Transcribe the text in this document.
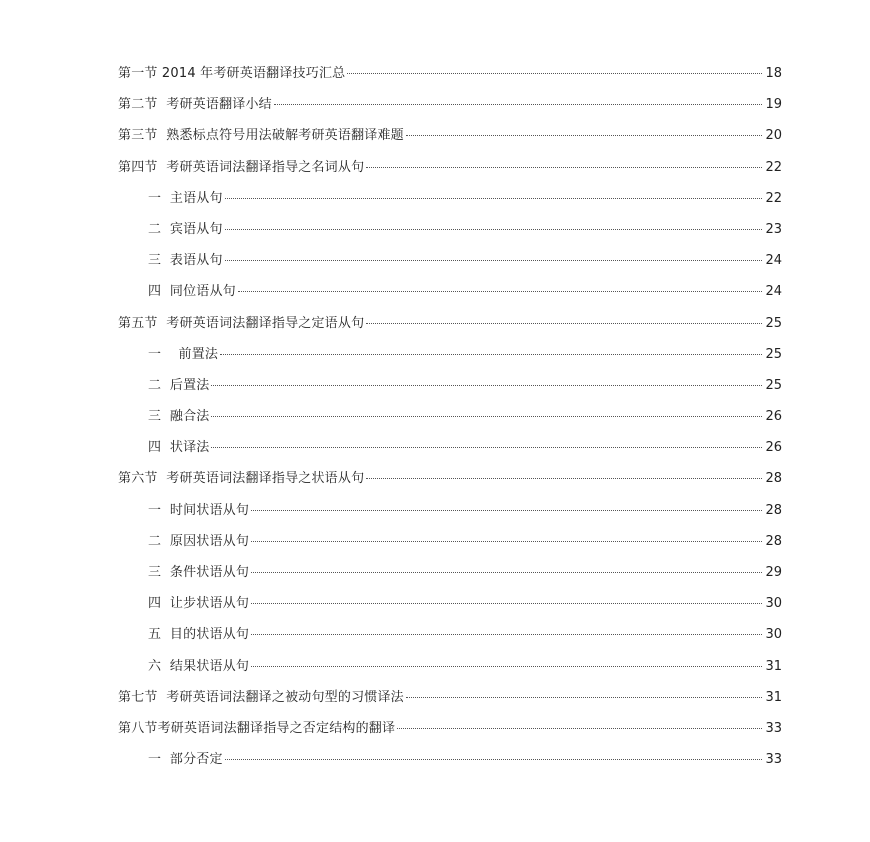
第一节 2014 年考研英语翻译技巧汇总	18
第二节  考研英语翻译小结	19
第三节  熟悉标点符号用法破解考研英语翻译难题	20
第四节  考研英语词法翻译指导之名词从句	22
一  主语从句	22
二  宾语从句	23
三  表语从句	24
四  同位语从句	24
第五节  考研英语词法翻译指导之定语从句	25
一    前置法	25
二  后置法	25
三  融合法	26
四  状译法	26
第六节  考研英语词法翻译指导之状语从句	28
一  时间状语从句	28
二  原因状语从句	28
三  条件状语从句	29
四  让步状语从句	30
五  目的状语从句	30
六  结果状语从句	31
第七节  考研英语词法翻译之被动句型的习惯译法	31
第八节考研英语词法翻译指导之否定结构的翻译	33
一  部分否定	33
